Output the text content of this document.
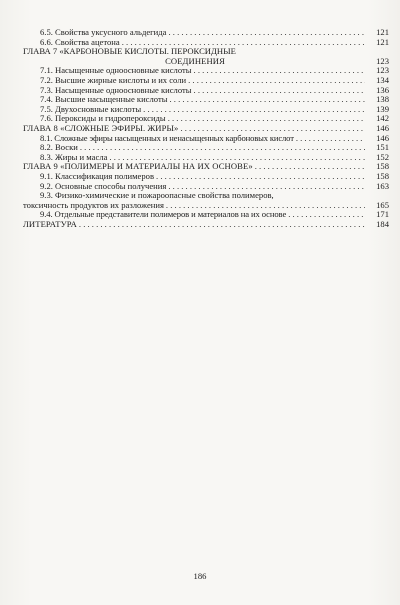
6.5. Свойства уксусного альдегида . . .	121
6.6. Свойства ацетона . . .	121
ГЛАВА 7 «КАРБОНОВЫЕ КИСЛОТЫ. ПЕРОКСИДНЫЕ
СОЕДИНЕНИЯ	123
7.1. Насыщенные одноосновные кислоты . . .	123
7.2. Высшие жирные кислоты и их соли . . .	134
7.3. Насыщенные одноосновные кислоты . . .	136
7.4. Высшие насыщенные кислоты . . .	138
7.5. Двухосновные кислоты . . .	139
7.6. Пероксиды и гидропероксиды . . .	142
ГЛАВА 8 «СЛОЖНЫЕ ЭФИРЫ. ЖИРЫ» . . .	146
8.1. Сложные эфиры насыщенных и ненасыщенных карбоновых кислот . . .	146
8.2. Воски . . .	151
8.3. Жиры и масла . . .	152
ГЛАВА 9 «ПОЛИМЕРЫ И МАТЕРИАЛЫ НА ИХ ОСНОВЕ» . . .	158
9.1. Классификация полимеров . . .	158
9.2. Основные способы получения . . .	163
9.3. Физико-химические и пожароопасные свойства полимеров,
токсичность продуктов их разложения . . .	165
9.4. Отдельные представители полимеров и материалов на их основе . . .	171
ЛИТЕРАТУРА . . .	184
186
